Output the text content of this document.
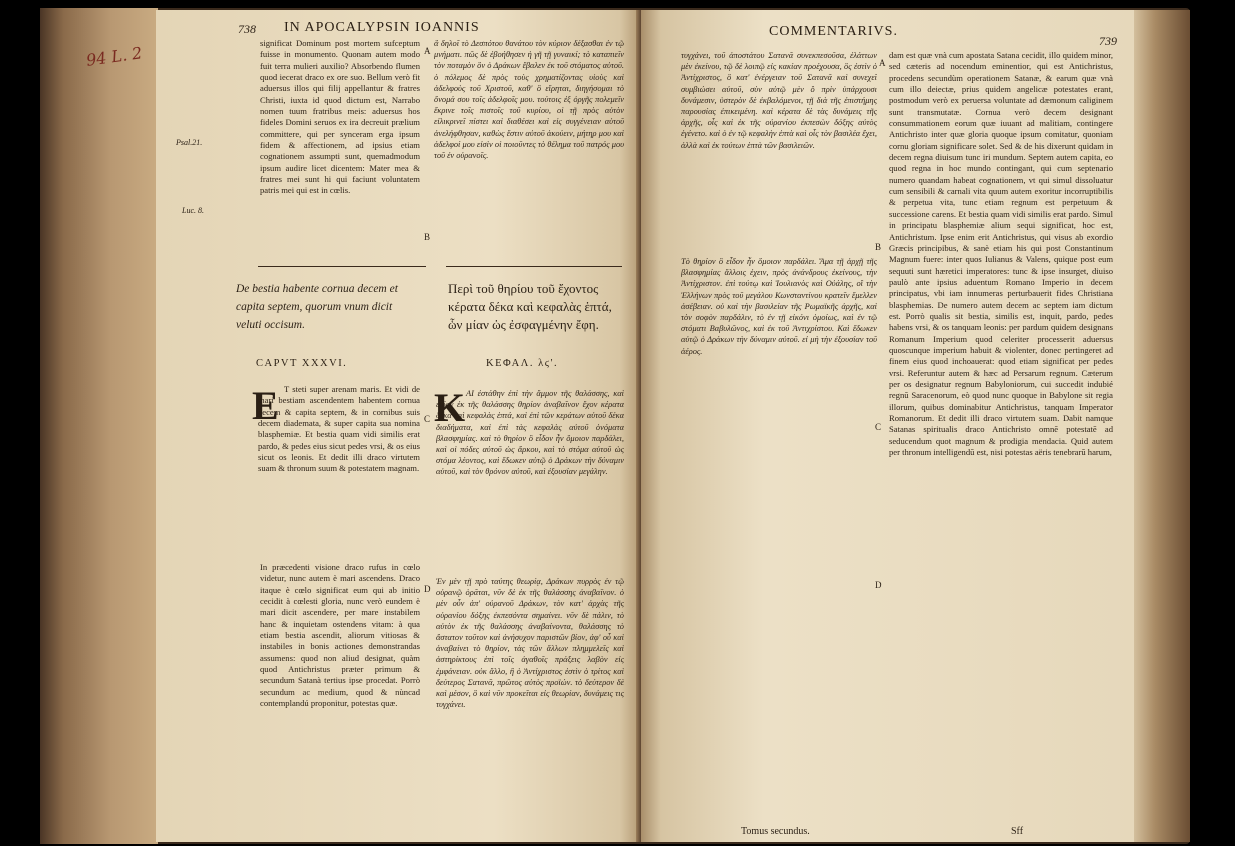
94 L. 2
738 IN APOCALYPSIN IOANNIS
Psal.21.
Luc. 8.
significat Dominum post mortem sufceptum fuisse in monumento. Quonam autem modo fuit terra mulieri auxilio? Absorbendo flumen quod iecerat draco ex ore suo. Bellum verò fit aduersus illos qui filij appellantur & fratres Christi, iuxta id quod dictum est, Narrabo nomen tuum fratribus meis: aduersus hos fideles Domini seruos ex ira decreuit prælium committere, qui per synceram erga ipsum fidem & affectionem, ad ipsius etiam cognationem assumpti sunt, quemadmodum ipsum audire licet dicentem: Mater mea & fratres mei sunt hi qui faciunt voluntatem patris mei qui est in cœlis.
A
ἃ δηλοῖ τὸ Δεσπότου θανάτου τὸν κύριον δέξασθαι ἐν τῷ μνήματι. πῶς δὲ ἐβοήθησεν ἡ γῆ τῇ γυναικί; τὸ καταπιεῖν τὸν ποταμὸν ὃν ὁ Δράκων ἔβαλεν ἐκ τοῦ στόματος αὐτοῦ. ὁ πόλεμος δὲ πρὸς τοὺς χρηματίζοντας υἱοὺς καὶ ἀδελφοὺς τοῦ Χριστοῦ, καθ' ὃ εἴρηται, διηγήσομαι τὸ ὄνομά σου τοῖς ἀδελφοῖς μου. τούτοις ἐξ ὀργῆς πολεμεῖν ἔκρινε τοῖς πιστοῖς τοῦ κυρίου, οἱ τῇ πρὸς αὐτὸν εἰλικρινεῖ πίστει καὶ διαθέσει καὶ εἰς συγγένειαν αὐτοῦ ἀνελήφθησαν, καθὼς ἔστιν αὐτοῦ ἀκούειν, μήτηρ μου καὶ ἀδελφοί μου εἰσὶν οἱ ποιοῦντες τὸ θέλημα τοῦ πατρός μου τοῦ ἐν οὐρανοῖς.
B
De bestia habente cornua decem et capita septem, quorum vnum dicit veluti occisum.
Περὶ τοῦ θηρίου τοῦ ἔχοντος κέρατα δέκα καὶ κεφαλὰς ἑπτά, ὧν μίαν ὡς ἐσφαγμένην ἔφη.
CAPVT XXXVI.	ΚΕΦΑΛ. λϛ'.
E T steti super arenam maris. Et vidi de mari bestiam ascendentem habentem cornua decem & capita septem, & in cornibus suis decem diademata, & super capita sua nomina blasphemiæ. Et bestia quam vidi similis erat pardo, & pedes eius sicut pedes vrsi, & os eius sicut os leonis. Et dedit illi draco virtutem suam & thronum suum & potestatem magnam.
In præcedenti visione draco rufus in cœlo videtur, nunc autem è mari ascendens. Draco itaque è cœlo significat eum qui ab initio cecidit à cœlesti gloria, nunc verò eundem è mari dicit ascendere, per mare instabilem hanc & inquietam ostendens vitam: à qua etiam bestia ascendit, aliorum vitiosas & instabiles in bonis actiones demonstrandas assumens: quod non aliud designat, quàm quod Antichristus præter primum & secundum Satanà tertius ipse procedat. Porrò secundum ac medium, quod & nùncad contemplandú proponitur, potestas quæ.
C
D
K ΑΙ ἐστάθην ἐπὶ τὴν ἄμμον τῆς θαλάσσης, καὶ εἶδον ἐκ τῆς θαλάσσης θηρίον ἀναβαῖνον ἔχον κέρατα δέκα καὶ κεφαλὰς ἑπτά, καὶ ἐπὶ τῶν κεράτων αὐτοῦ δέκα διαδήματα, καὶ ἐπὶ τὰς κεφαλὰς αὐτοῦ ὀνόματα βλασφημίας. καὶ τὸ θηρίον ὃ εἶδον ἦν ὅμοιον παρδάλει, καὶ οἱ πόδες αὐτοῦ ὡς ἄρκου, καὶ τὸ στόμα αὐτοῦ ὡς στόμα λέοντος, καὶ ἔδωκεν αὐτῷ ὁ Δράκων τὴν δύναμιν αὐτοῦ, καὶ τὸν θρόνον αὐτοῦ, καὶ ἐξουσίαν μεγάλην.
Ἐν μὲν τῇ πρὸ ταύτης θεωρίᾳ, Δράκων πυρρὸς ἐν τῷ οὐρανῷ ὁρᾶται, νῦν δὲ ἐκ τῆς θαλάσσης ἀναβαῖνον. ὁ μὲν οὖν ἀπ' οὐρανοῦ Δράκων, τὸν κατ' ἀρχὰς τῆς οὐρανίου δόξης ἐκπεσόντα σημαίνει. νῦν δὲ πάλιν, τὸ αὐτὸν ἐκ τῆς θαλάσσης ἀναβαίνοντα, θαλάσσης τὸ ἄστατον τοῦτον καὶ ἀνήσυχον παριστῶν βίον, ἀφ' οὗ καὶ ἀναβαίνει τὸ θηρίον, τὰς τῶν ἄλλων πλημμελεῖς καὶ ἀστηρίκτους ἐπὶ τοῖς ἀγαθοῖς πράξεις λαβὸν εἰς ἐμφάνειαν. οὐκ ἄλλο, ἢ ὁ Ἀντίχριστος ἐστὶν ὁ τρίτος καὶ δεύτερος Σατανᾶ, πρῶτος αὐτὸς προϊών. τὸ δεύτερον δὲ καὶ μέσον, ὃ καὶ νῦν προκεῖται εἰς θεωρίαν, δυνάμεις τις τυγχάνει.
COMMENTARIVS.
739
τυγχάνει, τοῦ ἀποστάτου Σατανᾶ συνεκπεσοῦσα, ἐλάττων μὲν ἐκείνου, τῷ δὲ λοιπῷ εἰς κακίαν προέχουσα, ὃς ἐστὶν ὁ Ἀντίχριστος, ὃ κατ' ἐνέργειαν τοῦ Σατανᾶ καὶ συνεχεῖ συμβιώσει αὐτοῦ, σὺν αὐτῷ μὲν ὃ πρὶν ὑπάρχουσι δυνάμεσιν, ὑστερὸν δὲ ἐκβαλόμενοι, τῇ διὰ τῆς ἐπιστήμης παρουσίας ἐπικειμένη. καὶ κέρατα δὲ τὰς δυνάμεις τῆς ἀρχῆς, οἷς καὶ ἐκ τῆς οὐρανίου ἐκπεσὼν δόξης αὐτὸς ἐγένετο. καὶ ὁ ἐν τῷ κεφαλὴν ἐπτὰ καὶ οἷς τὸν βασιλέα ἔχει, ἀλλὰ καὶ ἐκ τούτων ἑπτὰ τῶν βασιλειῶν.
A
B
C
D
Τὸ θηρίον ὃ εἶδον ἦν ὅμοιον παρδάλει. Ἄμα τῇ ἀρχῇ τῆς βλασφημίας ἄλλοις ἐχειν, πρὸς ἀνάνδρους ἐκείνους, τὴν Ἀντίχριστον. ἐπὶ τούτῳ καὶ Ἰουλιανὸς καὶ Οὐάλης, οἳ τὴν Ἐλλήνων πρὸς τοῦ μεγάλου Κωνσταντίνου κρατεῖν ἔμελλεν ἀσέβειαν. οὐ καὶ τὴν βασιλείαν τῆς Ρωμαϊκῆς ἀρχῆς, καὶ τὸν σοφὸν παρδάλιν, τὸ ἐν τῇ εἰκόνι ὁμοίως, καὶ ἐν τῷ στόματι Βαβυλῶνος, καὶ ἐκ τοῦ Ἀντιχρίστου. Καὶ ἔδωκεν αὐτῷ ὁ Δράκων τὴν δύναμιν αὐτοῦ. εἰ μὴ τὴν ἐξουσίαν τοῦ ἀέρος.
dam est quæ vnà cum apostata Satana cecidit, illo quidem minor, sed cæteris ad nocendum eminentior, qui est Antichristus, procedens secundùm operationem Satanæ, & earum quæ vnà cum illo deiectæ, prius quidem angelicæ potestates erant, postmodum verò ex peruersa voluntate ad dæmonum caliginem sunt transmutatæ. Cornua verò decem designant consummationem eorum quæ iuuant ad malitiam, contingere Antichristo inter quæ gloria quoque ipsum comitatur, quoniam cornu gloriam significare solet. Sed & de his dixerunt quidam in decem regna diuisum tunc iri mundum. Septem autem capita, eo quod regna in hoc mundo contingant, qui cum septenario numero quandam habeat cognationem, vt qui simul dissoluatur cum sensibili & carnali vita quum autem exoritur incorruptibilis & perpetua vita, tunc etiam regnum est perpetuum & successione carens. Et bestia quam vidi similis erat pardo. Simul in principatu blasphemiæ alium sequi significat, hoc est, Antichristum. Ipse enim erit Antichristus, qui visus ab exordio Græcis principibus, & sanè etiam his qui post Constantinum Magnum fuere: inter quos Iulianus & Valens, quique post eum sequuti sunt hæretici imperatores: tunc & ipse insurget, diuiso paulò ante ipsius aduentum Romano Imperio in decem principatus, vbi iam innumeras perturbauerit fides Christiana blasphemias. De numero autem decem ac septem iam dictum est. Porrò qualis sit bestia, similis est, inquit, pardo, pedes habens vrsi, & os tanquam leonis: per pardum quidem designans Romanum Imperium quod celeriter processerit aduersus quoscunque imperium habuit & violenter, donec pertingeret ad finem eius quod inchoauerat: quod etiam significat per pedes vrsi. Referuntur autem & hæc ad Persarum regnum. Cæterum per os designatur regnum Babyloniorum, cui succedit indubié regnū Saracenorum, eò quod nunc quoque in Babylone sit regia illorum, quibus dominabitur Antichristus, tanquam Imperator Romanorum. Et dedit illi draco virtutem suam. Dabit namque Satanas spiritualis draco Antichristo omnē potestatē ad seducendum quot magnum & prodigia mendacia. Quid autem per thronum intelligendū est, nisi potestas aëris tenebrarū harum,
Tomus secundus.	Sff
